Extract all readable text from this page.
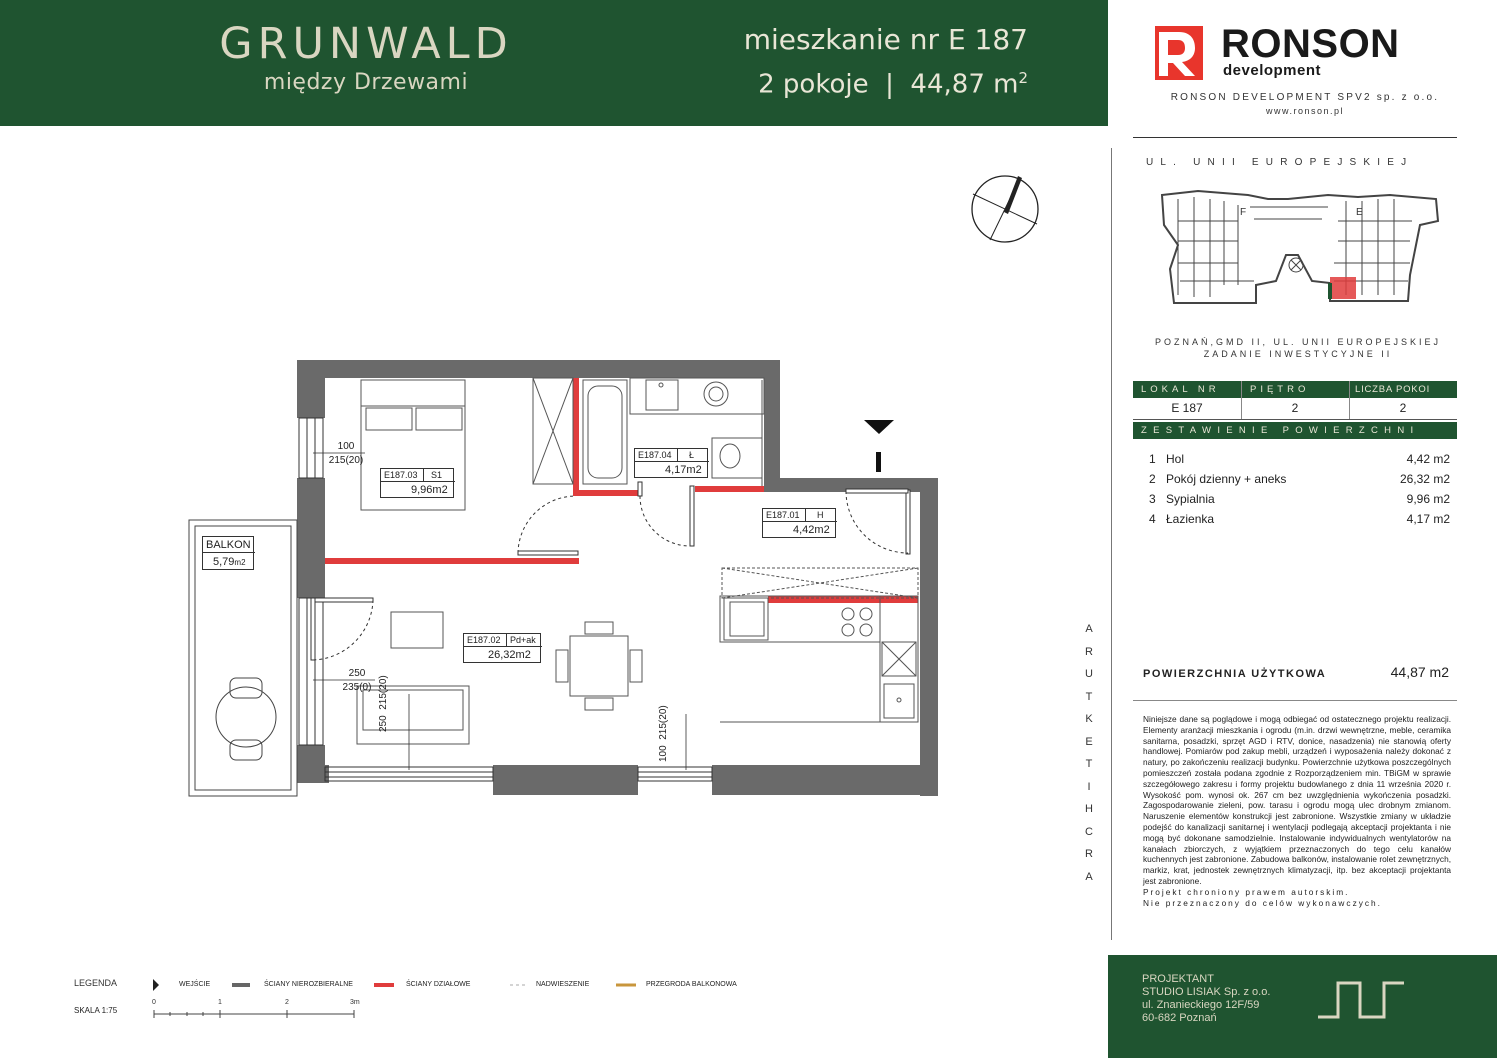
GRUNWALD
między Drzewami
mieszkanie nr E 187
2 pokoje  |  44,87 $m^2$
RONSON
development
RONSON DEVELOPMENT SPV2 sp. z o.o.
www.ronson.pl
UL. UNII EUROPEJSKIEJ
F	E
POZNAŃ,GMD II, UL. UNII EUROPEJSKIEJ
ZADANIE INWESTYCYJNE II
LOKAL NR	PIĘTRO	LICZBA POKOI
E 187	2	2
ZESTAWIENIE POWIERZCHNI
1 Hol	4,42 m2
2 Pokój dzienny + aneks	26,32 m2
3 Sypialnia	9,96 m2
4 Łazienka	4,17 m2
POWIERZCHNIA UŻYTKOWA	44,87 m2
Niniejsze dane są poglądowe i mogą odbiegać od ostatecznego projektu realizacji. Elementy aranżacji mieszkania i ogrodu (m.in. drzwi wewnętrzne, meble, ceramika sanitarna, posadzki, sprzęt AGD i RTV, donice, nasadzenia) nie stanowią oferty handlowej. Pomiarów pod zakup mebli, urządzeń i wyposażenia należy dokonać z natury, po zakończeniu realizacji budynku. Powierzchnie użytkowa poszczególnych pomieszczeń została podana zgodnie z Rozporządzeniem min. TBiGM w sprawie szczegółowego zakresu i formy projektu budowlanego z dnia 11 września 2020 r. Wysokość pom. wynosi ok. 267 cm bez uwzględnienia wykończenia posadzki. Zagospodarowanie zieleni, pow. tarasu i ogrodu mogą ulec drobnym zmianom. Naruszenie elementów konstrukcji jest zabronione. Wszystkie zmiany w układzie podejść do kanalizacji sanitarnej i wentylacji podlegają akceptacji projektanta i nie mogą być dokonane samodzielnie. Instalowanie indywidualnych wentylatorów na kanałach zbiorczych, z wyjątkiem przeznaczonych do tego celu kanałów kuchennych jest zabronione. Zabudowa balkonów, instalowanie rolet zewnętrznych, markiz, krat, jednostek zewnętrznych klimatyzacji, itp. bez akceptacji projektanta jest zabronione.
Projekt chroniony prawem autorskim.
Nie przeznaczony do celów wykonawczych.
A
R
U
T
K
E
T
I
H
C
R
A
PROJEKTANT
STUDIO LISIAK Sp. z o.o.
ul. Znanieckiego 12F/59
60-682 Poznań
LEGENDA	WEJŚCIE	ŚCIANY NIEROZBIERALNE	ŚCIANY DZIAŁOWE	NADWIESZENIE	PRZEGRODA BALKONOWA
SKALA 1:75
0	1	2	3m
100
215(20)
250
235(0)
250  215(20)
100  215(20)
E187.03 S1
9,96m2
E187.04 Ł
4,17m2
E187.01 H
4,42m2
E187.02 Pd+ak
26,32m2
BALKON
5,79m2
